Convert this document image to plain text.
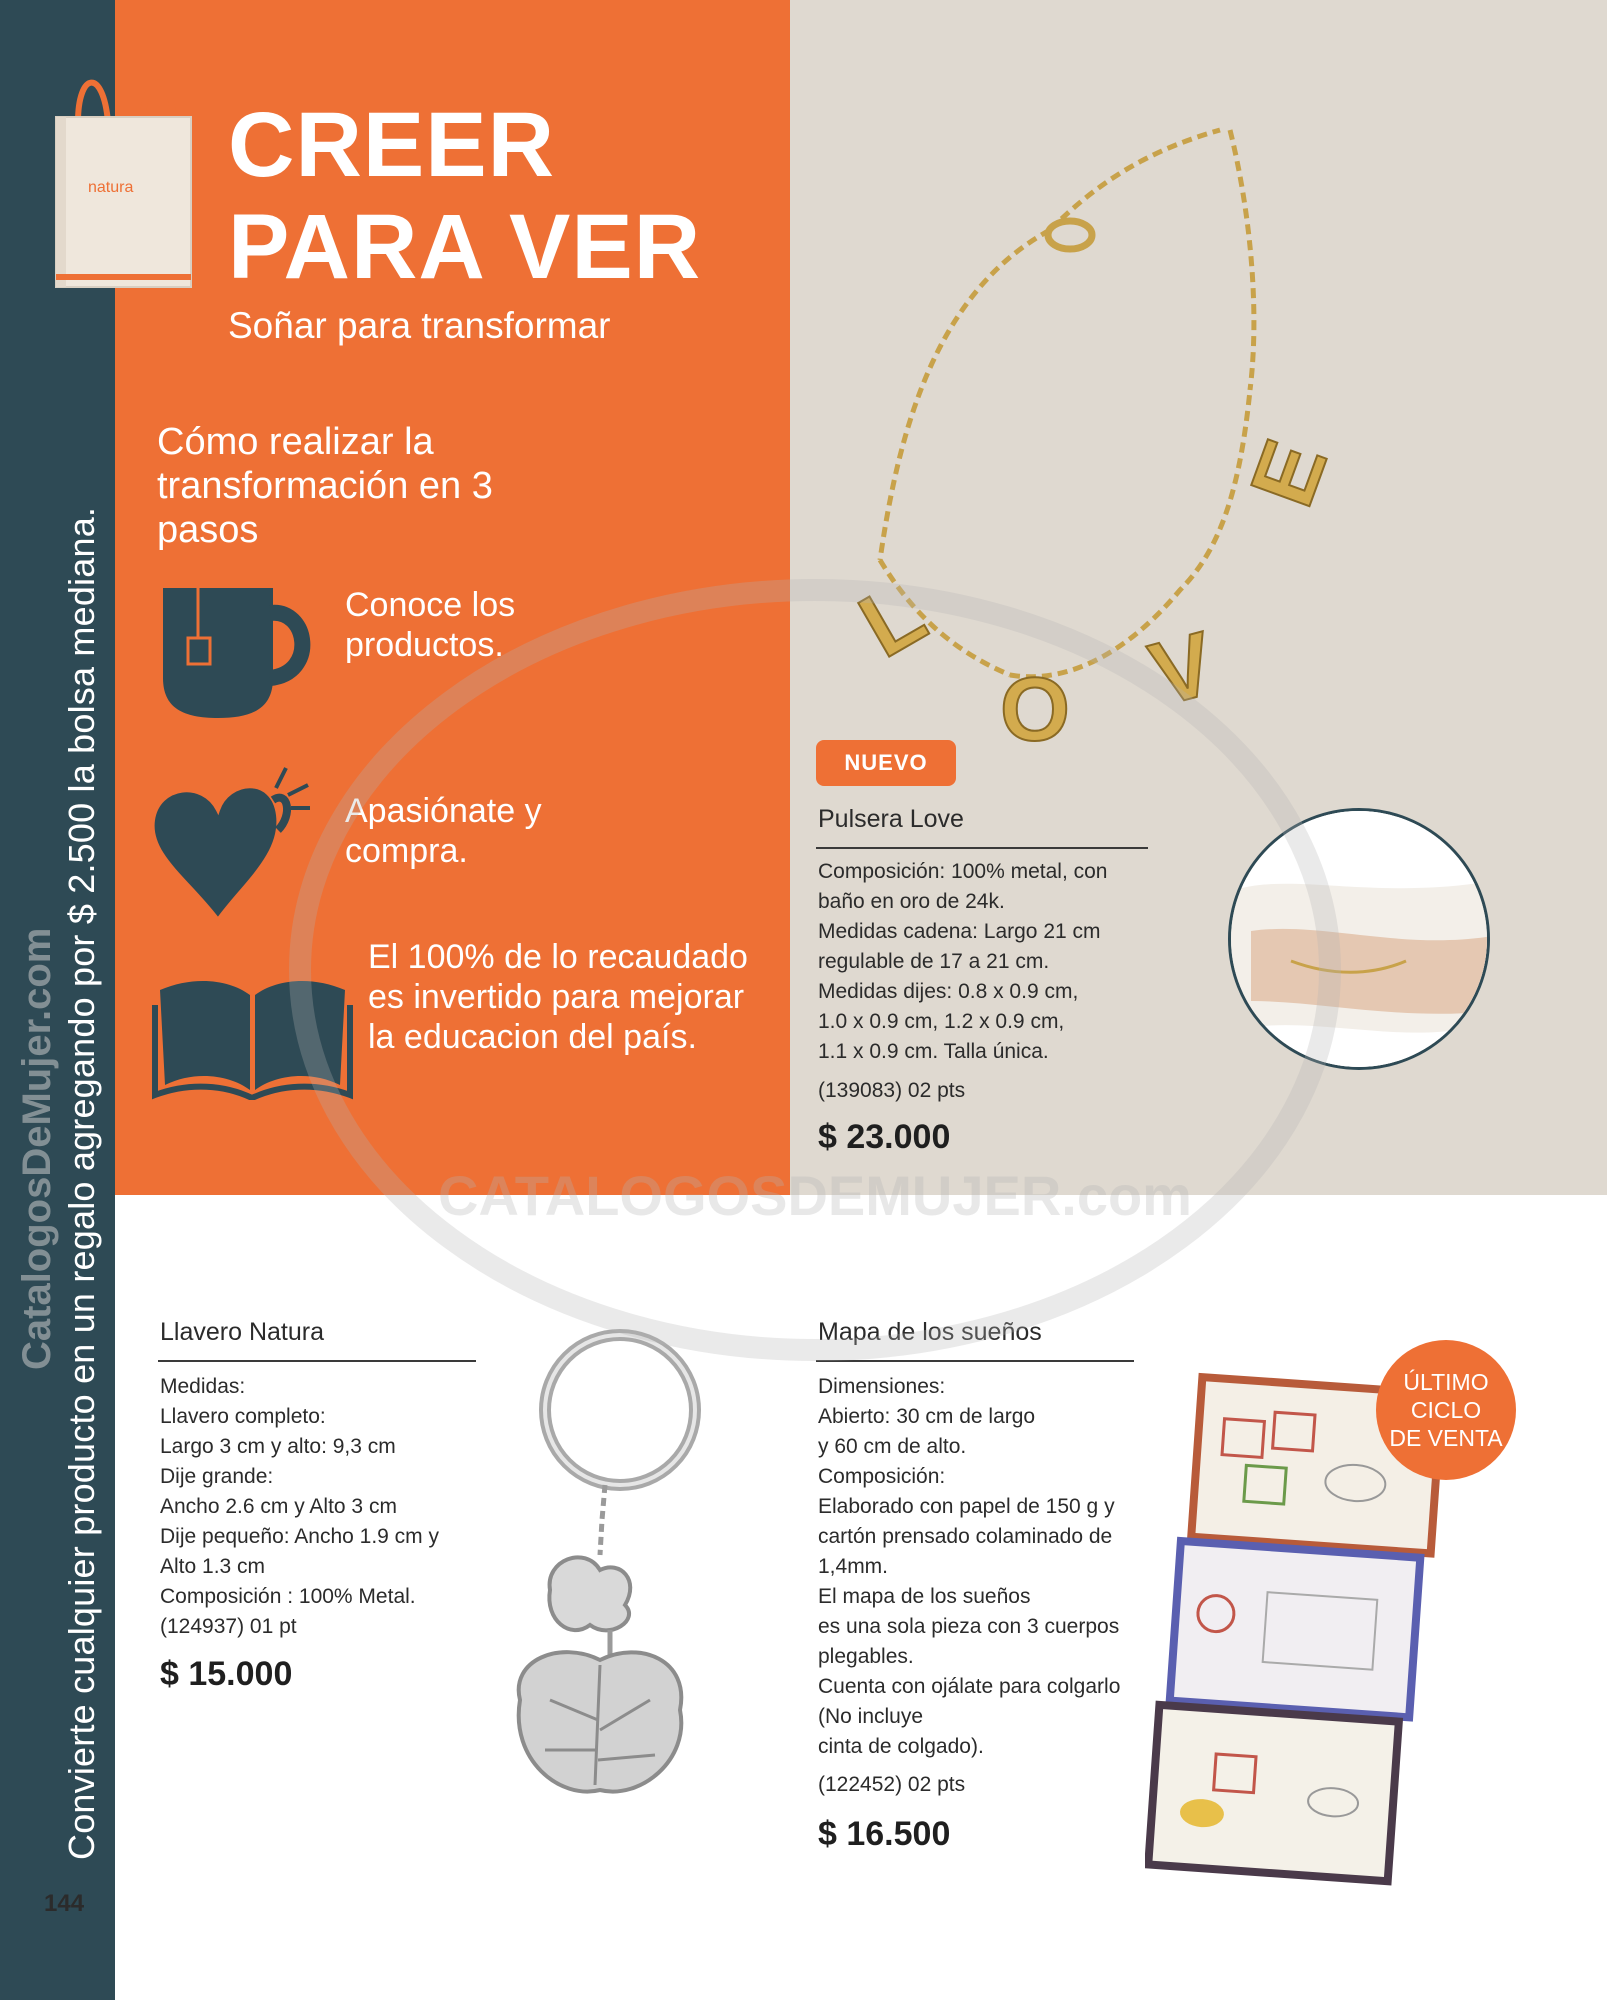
CatalogosDeMujer.com Convierte cualquier producto en un regalo agregando por $ 2.500 la bolsa mediana.
144
natura CREER
PARA VER
Soñar para transformar
Cómo realizar la transformación en 3 pasos
Conoce los productos.
Apasiónate y compra.
El 100% de lo recaudado es invertido para mejorar la educacion del país.
L
O V
E
NUEVO
Pulsera Love
Composición: 100% metal, con
baño en oro de 24k.
Medidas cadena: Largo 21 cm
regulable de 17 a 21 cm.
Medidas dijes: 0.8 x 0.9 cm,
1.0 x 0.9 cm, 1.2 x 0.9 cm,
1.1 x 0.9 cm. Talla única.
(139083) 02 pts
$ 23.000
Llavero Natura
Medidas:
Llavero completo:
Largo 3 cm y alto: 9,3 cm
Dije grande:
Ancho 2.6 cm y Alto 3 cm
Dije pequeño: Ancho 1.9 cm y
Alto 1.3 cm
Composición : 100% Metal.
(124937) 01 pt
$ 15.000
Mapa de los sueños
Dimensiones:
Abierto: 30 cm de largo
y 60 cm de alto.
Composición:
Elaborado con papel de 150 g y
cartón prensado colaminado de
1,4mm.
El mapa de los sueños
es una sola pieza con 3 cuerpos
plegables.
Cuenta con ojálate para colgarlo
(No incluye
cinta de colgado).
(122452) 02 pts
$ 16.500
ÚLTIMO
CICLO
DE VENTA
CATALOGOSDEMUJER.com
